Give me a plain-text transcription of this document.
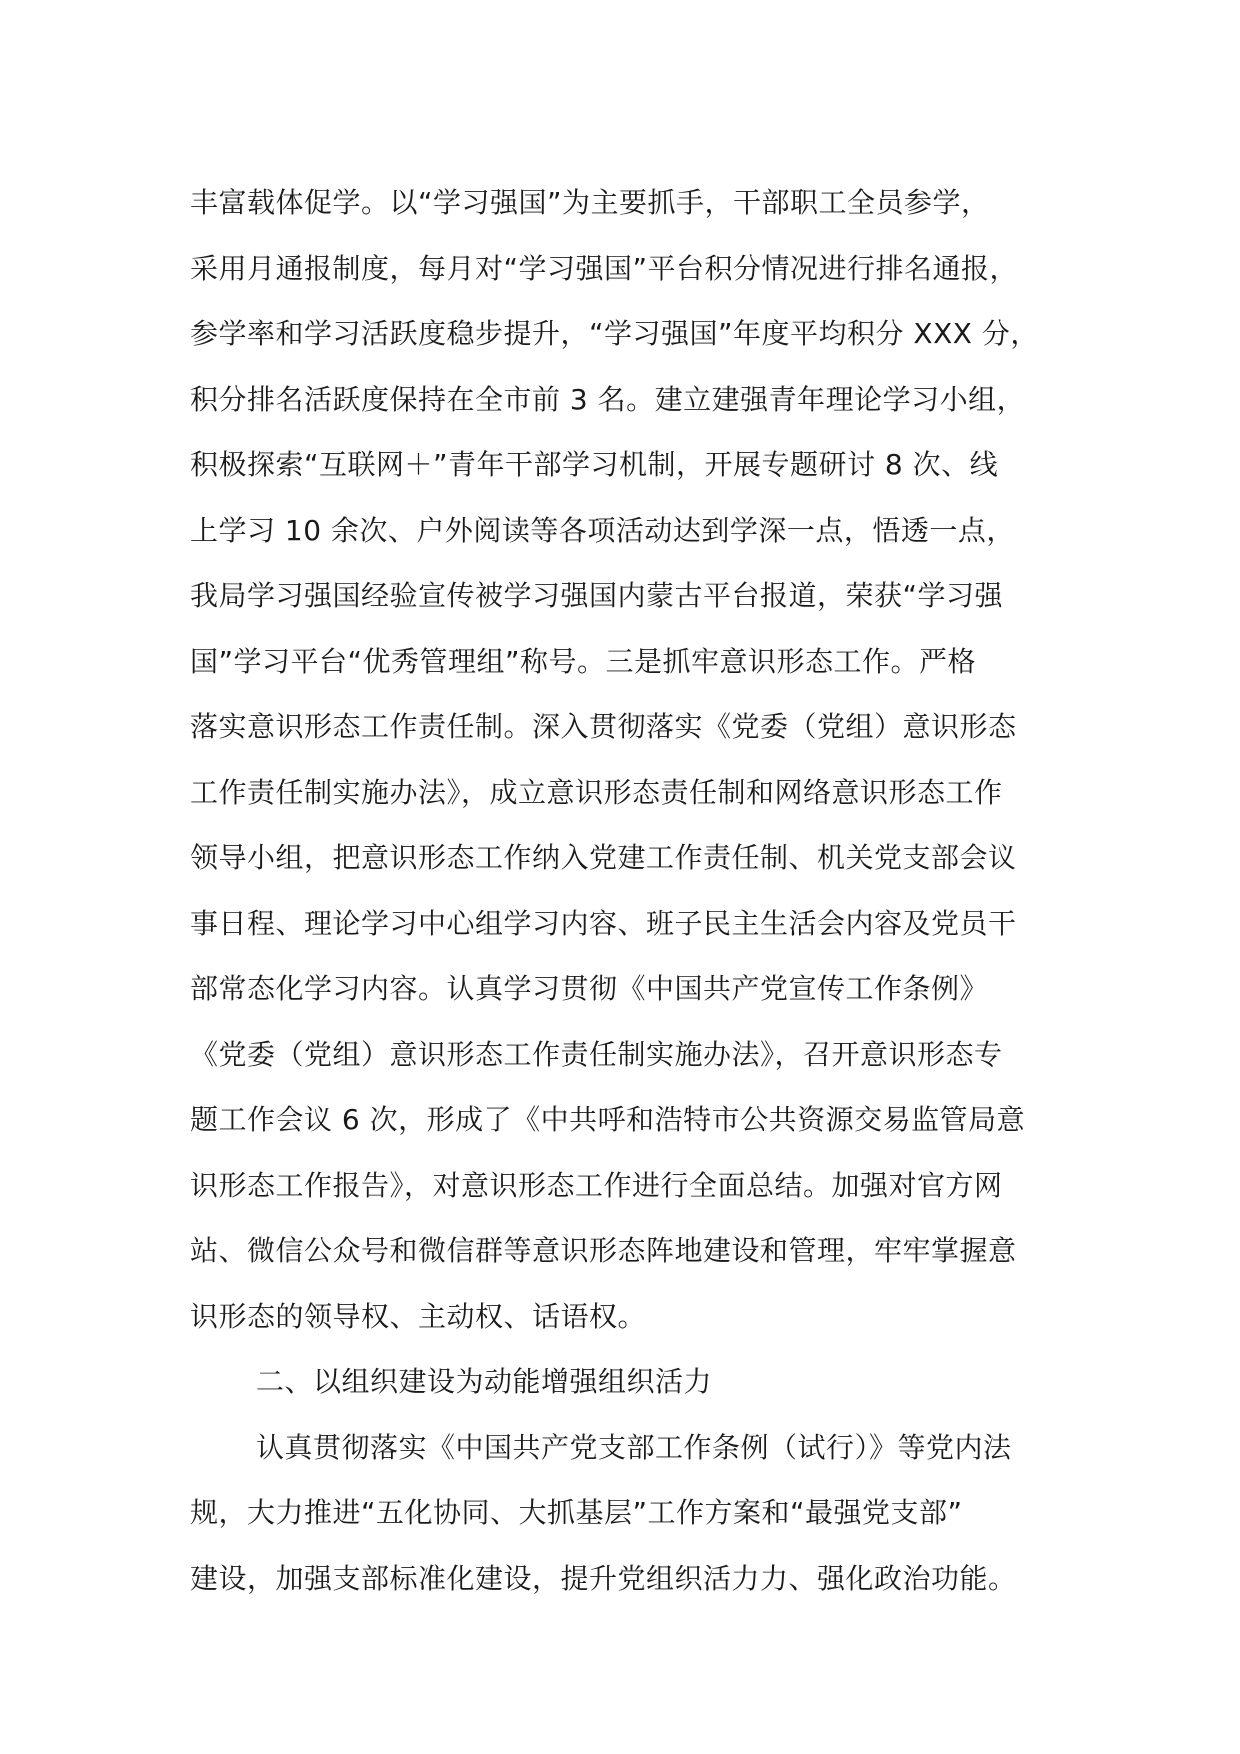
丰富载体促学。以“学习强国”为主要抓手，干部职工全员参学，
采用月通报制度，每月对“学习强国”平台积分情况进行排名通报，
参学率和学习活跃度稳步提升，“学习强国”年度平均积分 XXX 分，
积分排名活跃度保持在全市前 3 名。建立建强青年理论学习小组，
积极探索“互联网＋”青年干部学习机制，开展专题研讨 8 次、线
上学习 10 余次、户外阅读等各项活动达到学深一点，悟透一点，
我局学习强国经验宣传被学习强国内蒙古平台报道，荣获“学习强
国”学习平台“优秀管理组”称号。三是抓牢意识形态工作。严格
落实意识形态工作责任制。深入贯彻落实《党委（党组）意识形态
工作责任制实施办法》，成立意识形态责任制和网络意识形态工作
领导小组，把意识形态工作纳入党建工作责任制、机关党支部会议
事日程、理论学习中心组学习内容、班子民主生活会内容及党员干
部常态化学习内容。认真学习贯彻《中国共产党宣传工作条例》
《党委（党组）意识形态工作责任制实施办法》，召开意识形态专
题工作会议 6 次，形成了《中共呼和浩特市公共资源交易监管局意
识形态工作报告》，对意识形态工作进行全面总结。加强对官方网
站、微信公众号和微信群等意识形态阵地建设和管理，牢牢掌握意
识形态的领导权、主动权、话语权。
二、以组织建设为动能增强组织活力
认真贯彻落实《中国共产党支部工作条例（试行）》等党内法
规，大力推进“五化协同、大抓基层”工作方案和“最强党支部”
建设，加强支部标准化建设，提升党组织活力力、强化政治功能。
